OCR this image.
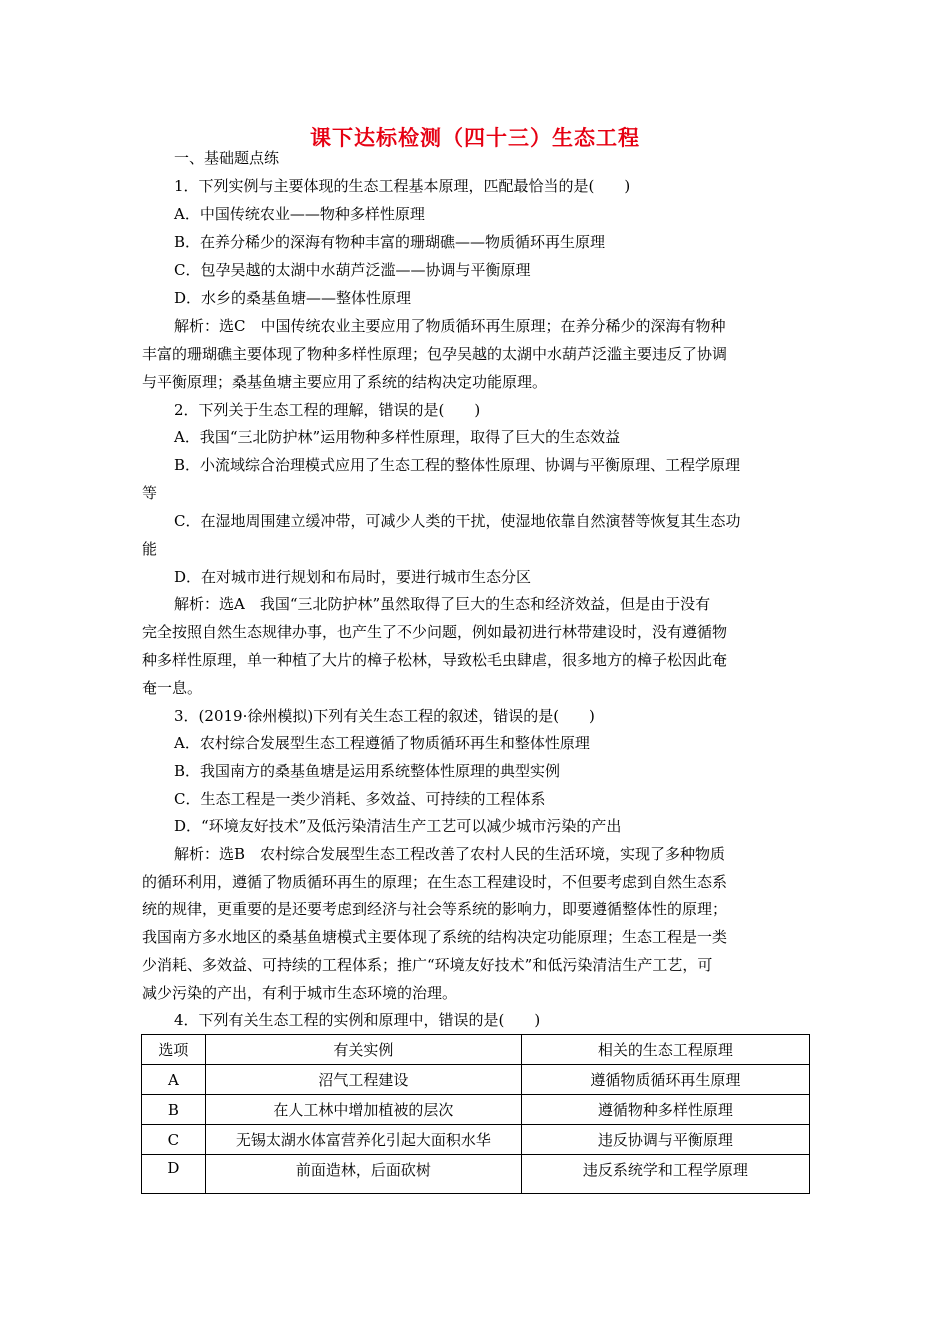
课下达标检测（四十三）生态工程
一、基础题点练
1．下列实例与主要体现的生态工程基本原理，匹配最恰当的是(　　)
A．中国传统农业——物种多样性原理
B．在养分稀少的深海有物种丰富的珊瑚礁——物质循环再生原理
C．包孕吴越的太湖中水葫芦泛滥——协调与平衡原理
D．水乡的桑基鱼塘——整体性原理
解析：选C　中国传统农业主要应用了物质循环再生原理；在养分稀少的深海有物种
丰富的珊瑚礁主要体现了物种多样性原理；包孕吴越的太湖中水葫芦泛滥主要违反了协调
与平衡原理；桑基鱼塘主要应用了系统的结构决定功能原理。
2．下列关于生态工程的理解，错误的是(　　)
A．我国“三北防护林”运用物种多样性原理，取得了巨大的生态效益
B．小流域综合治理模式应用了生态工程的整体性原理、协调与平衡原理、工程学原理
等
C．在湿地周围建立缓冲带，可减少人类的干扰，使湿地依靠自然演替等恢复其生态功
能
D．在对城市进行规划和布局时，要进行城市生态分区
解析：选A　我国“三北防护林”虽然取得了巨大的生态和经济效益，但是由于没有
完全按照自然生态规律办事，也产生了不少问题，例如最初进行林带建设时，没有遵循物
种多样性原理，单一种植了大片的樟子松林，导致松毛虫肆虐，很多地方的樟子松因此奄
奄一息。
3．(2019·徐州模拟)下列有关生态工程的叙述，错误的是(　　)
A．农村综合发展型生态工程遵循了物质循环再生和整体性原理
B．我国南方的桑基鱼塘是运用系统整体性原理的典型实例
C．生态工程是一类少消耗、多效益、可持续的工程体系
D．“环境友好技术”及低污染清洁生产工艺可以减少城市污染的产出
解析：选B　农村综合发展型生态工程改善了农村人民的生活环境，实现了多种物质
的循环利用，遵循了物质循环再生的原理；在生态工程建设时，不但要考虑到自然生态系
统的规律，更重要的是还要考虑到经济与社会等系统的影响力，即要遵循整体性的原理；
我国南方多水地区的桑基鱼塘模式主要体现了系统的结构决定功能原理；生态工程是一类
少消耗、多效益、可持续的工程体系；推广“环境友好技术”和低污染清洁生产工艺，可
减少污染的产出，有利于城市生态环境的治理。
4．下列有关生态工程的实例和原理中，错误的是(　　)
选项	有关实例	相关的生态工程原理
A	沼气工程建设	遵循物质循环再生原理
B	在人工林中增加植被的层次	遵循物种多样性原理
C	无锡太湖水体富营养化引起大面积水华	违反协调与平衡原理
D	前面造林，后面砍树	违反系统学和工程学原理
